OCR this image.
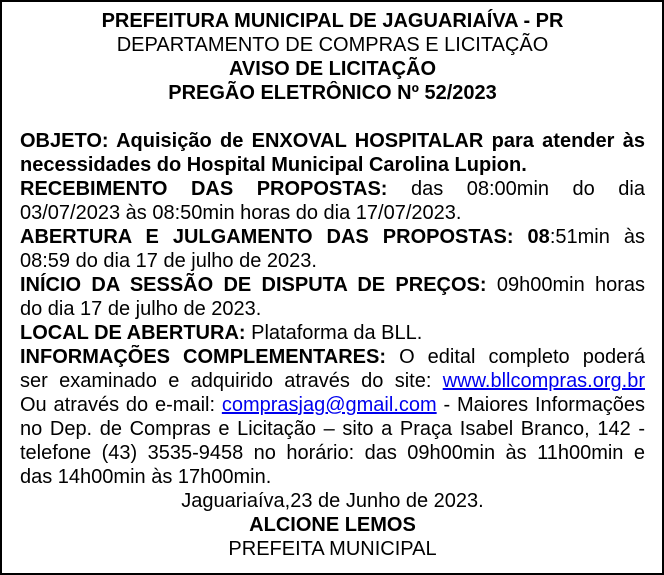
PREFEITURA MUNICIPAL DE JAGUARIAÍVA - PR
DEPARTAMENTO DE COMPRAS E LICITAÇÃO
AVISO DE LICITAÇÃO
PREGÃO ELETRÔNICO Nº 52/2023
OBJETO: Aquisição de ENXOVAL HOSPITALAR para atender às
necessidades do Hospital Municipal Carolina Lupion.
RECEBIMENTO DAS PROPOSTAS: das 08:00min do dia
03/07/2023 às 08:50min horas do dia 17/07/2023.
ABERTURA E JULGAMENTO DAS PROPOSTAS: 08:51min às
08:59 do dia 17 de julho de 2023.
INÍCIO DA SESSÃO DE DISPUTA DE PREÇOS: 09h00min horas
do dia 17 de julho de 2023.
LOCAL DE ABERTURA: Plataforma da BLL.
INFORMAÇÕES COMPLEMENTARES: O edital completo poderá
ser examinado e adquirido através do site: www.bllcompras.org.br
Ou através do e-mail: comprasjag@gmail.com - Maiores Informações
no Dep. de Compras e Licitação – sito a Praça Isabel Branco, 142 -
telefone (43) 3535-9458 no horário: das 09h00min às 11h00min e
das 14h00min às 17h00min.
Jaguariaíva,23 de Junho de 2023.
ALCIONE LEMOS
PREFEITA MUNICIPAL
